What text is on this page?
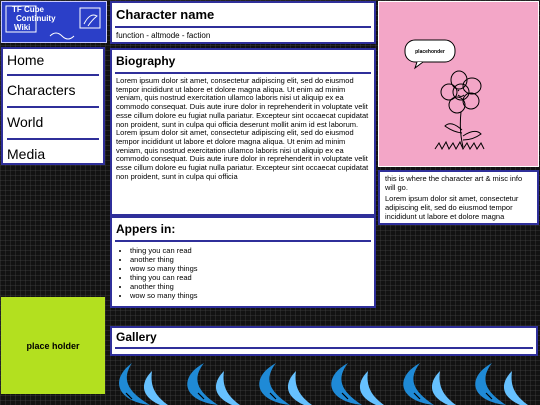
TF Cube
Continuity
Wiki
Home
Characters
World
Media
Character name
function - altmode - faction
Biography
Lorem ipsum dolor sit amet, consectetur adipiscing elit, sed do eiusmod tempor incididunt ut labore et dolore magna aliqua. Ut enim ad minim veniam, quis nostrud exercitation ullamco laboris nisi ut aliquip ex ea commodo consequat. Duis aute irure dolor in reprehenderit in voluptate velit esse cillum dolore eu fugiat nulla pariatur. Excepteur sint occaecat cupidatat non proident, sunt in culpa qui officia deserunt mollit anim id est laborum. Lorem ipsum dolor sit amet, consectetur adipiscing elit, sed do eiusmod tempor incididunt ut labore et dolore magna aliqua. Ut enim ad minim veniam, quis nostrud exercitation ullamco laboris nisi ut aliquip ex ea commodo consequat. Duis aute irure dolor in reprehenderit in voluptate velit esse cillum dolore eu fugiat nulla pariatur. Excepteur sint occaecat cupidatat non proident, sunt in culpa qui officia
Appers in:
• thing you can read
• another thing
• wow so many things
• thing you can read
• another thing
• wow so many things
Gallery
placehonder

this is where the character art & misc info will go.

Lorem ipsum dolor sit amet, consectetur adipiscing elit, sed do eiusmod tempor incididunt ut labore et dolore magna

place holder
